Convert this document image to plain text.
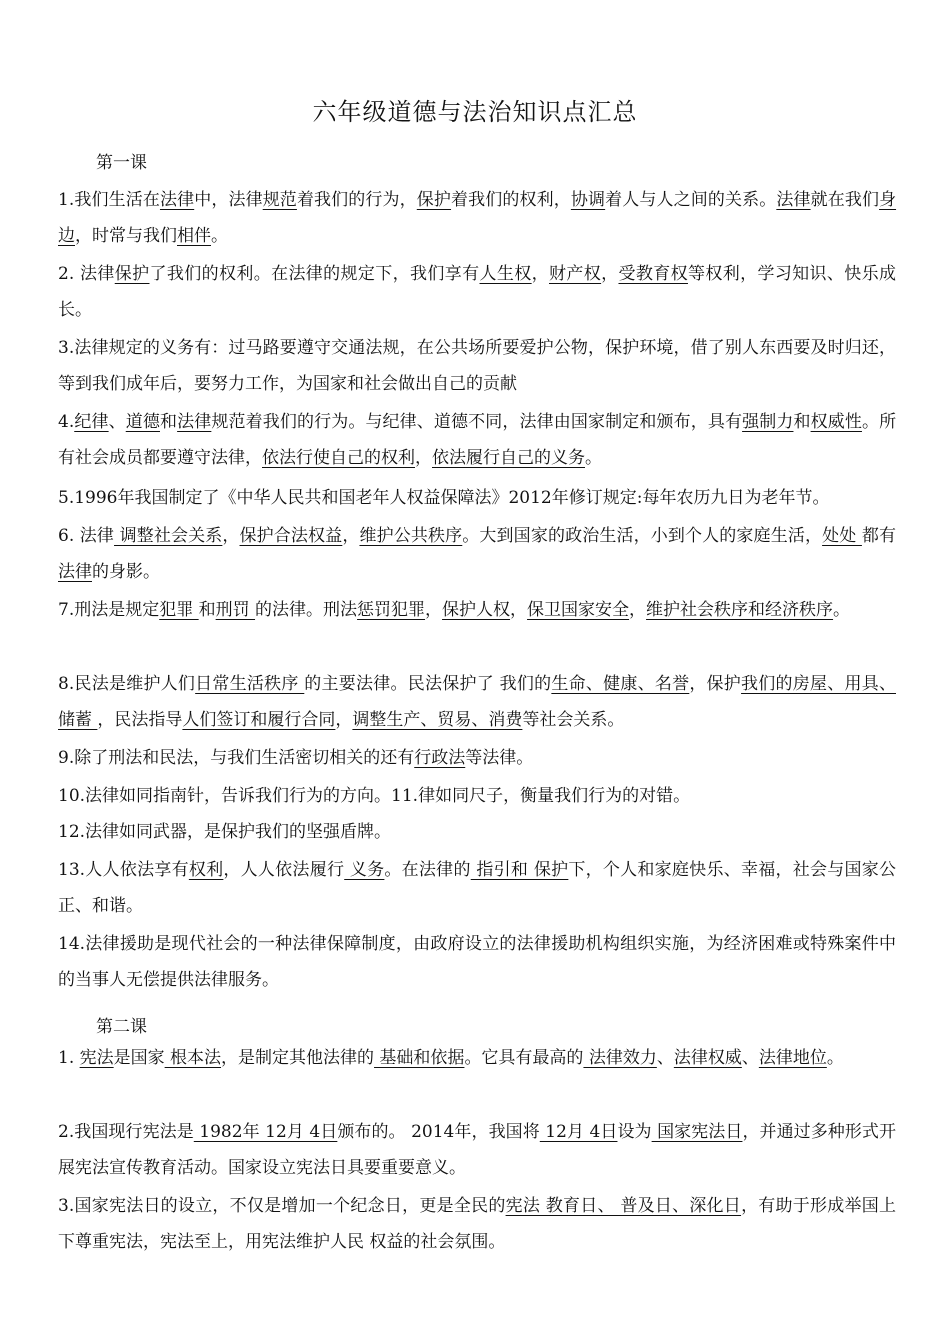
六年级道德与法治知识点汇总
第一课
1.我们生活在法律中，法律规范着我们的行为，保护着我们的权利，协调着人与人之间的关系。法律就在我们身边，时常与我们相伴。
2. 法律保护了我们的权利。在法律的规定下，我们享有人生权，财产权，受教育权等权利，学习知识、快乐成长。
3.法律规定的义务有：过马路要遵守交通法规，在公共场所要爱护公物，保护环境，借了别人东西要及时归还，等到我们成年后，要努力工作，为国家和社会做出自己的贡献
4.纪律、道德和法律规范着我们的行为。与纪律、道德不同，法律由国家制定和颁布，具有强制力和权威性。所有社会成员都要遵守法律，依法行使自己的权利，依法履行自己的义务。
5.1996年我国制定了《中华人民共和国老年人权益保障法》2012年修订规定:每年农历九日为老年节。
6. 法律 调整社会关系，保护合法权益，维护公共秩序。大到国家的政治生活，小到个人的家庭生活，处处 都有法律的身影。
7.刑法是规定犯罪 和刑罚 的法律。刑法惩罚犯罪，保护人权，保卫国家安全，维护社会秩序和经济秩序。
8.民法是维护人们日常生活秩序 的主要法律。民法保护了 我们的生命、健康、名誉，保护我们的房屋、用具、储蓄 ，民法指导人们签订和履行合同，调整生产、贸易、消费等社会关系。
9.除了刑法和民法，与我们生活密切相关的还有行政法等法律。
10.法律如同指南针，告诉我们行为的方向。11.律如同尺子，衡量我们行为的对错。
12.法律如同武器，是保护我们的坚强盾牌。
13.人人依法享有权利，人人依法履行 义务。在法律的 指引和 保护下，个人和家庭快乐、幸福，社会与国家公正、和谐。
14.法律援助是现代社会的一种法律保障制度，由政府设立的法律援助机构组织实施，为经济困难或特殊案件中的当事人无偿提供法律服务。
第二课
1. 宪法是国家 根本法，是制定其他法律的 基础和依据。它具有最高的 法律效力、法律权威、法律地位。
2.我国现行宪法是 1982年 12月 4日颁布的。 2014年，我国将 12月 4日设为 国家宪法日，并通过多种形式开展宪法宣传教育活动。国家设立宪法日具要重要意义。
3.国家宪法日的设立，不仅是增加一个纪念日，更是全民的宪法 教育日、 普及日、深化日，有助于形成举国上下尊重宪法，宪法至上，用宪法维护人民 权益的社会氛围。
